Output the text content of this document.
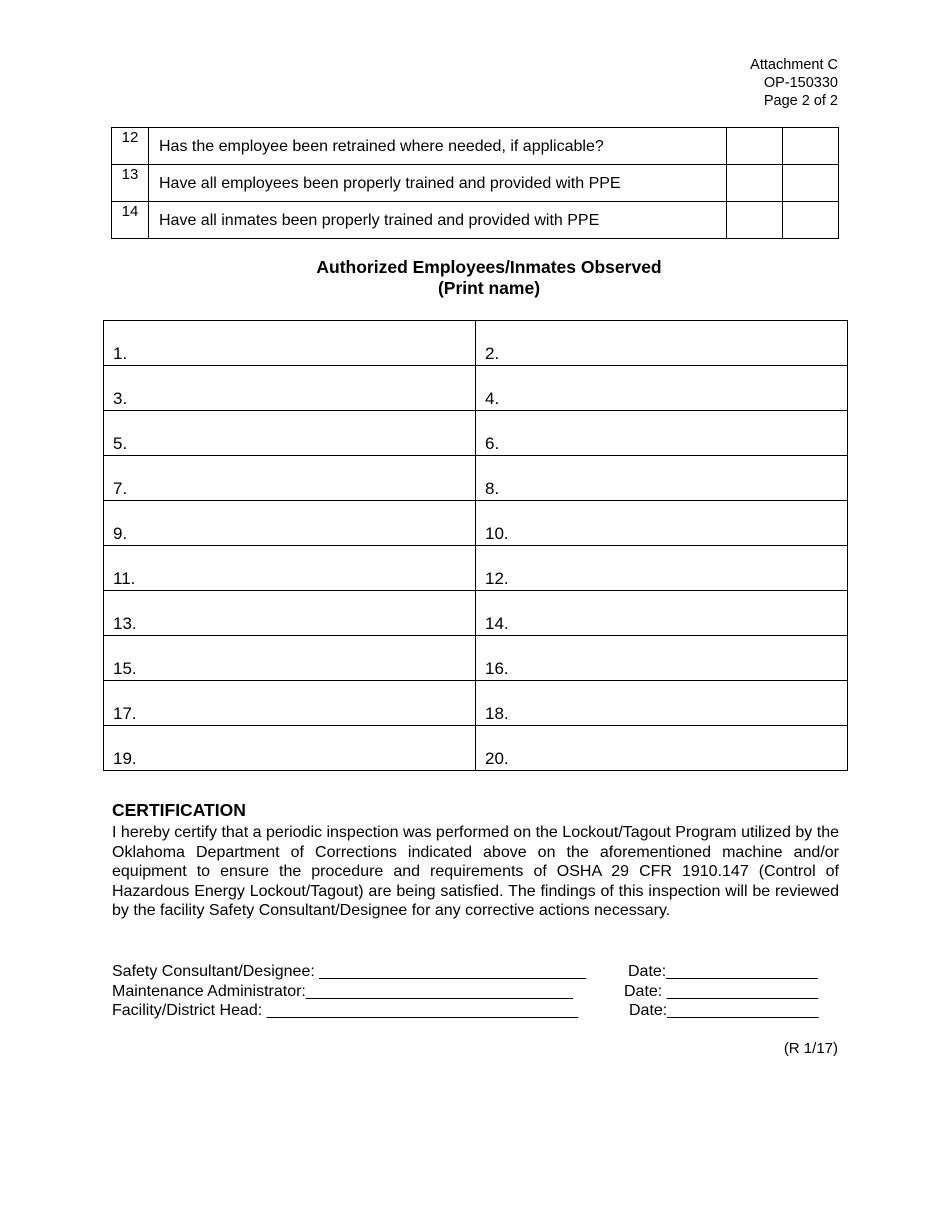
Attachment C
OP-150330
Page 2 of 2
12	Has the employee been retrained where needed, if applicable?		
13	Have all employees been properly trained and provided with PPE		
14	Have all inmates been properly trained and provided with PPE		
Authorized Employees/Inmates Observed
(Print name)
1.	2.
3.	4.
5.	6.
7.	8.
9.	10.
11.	12.
13.	14.
15.	16.
17.	18.
19.	20.
CERTIFICATION
I hereby certify that a periodic inspection was performed on the Lockout/Tagout Program utilized by the Oklahoma Department of Corrections indicated above on the aforementioned machine and/or equipment to ensure the procedure and requirements of OSHA 29 CFR 1910.147 (Control of Hazardous Energy Lockout/Tagout) are being satisfied. The findings of this inspection will be reviewed by the facility Safety Consultant/Designee for any corrective actions necessary.
Safety Consultant/Designee: ______________________________	Date:_________________
Maintenance Administrator:______________________________	Date: _________________
Facility/District Head: ___________________________________	Date:_________________
(R 1/17)
